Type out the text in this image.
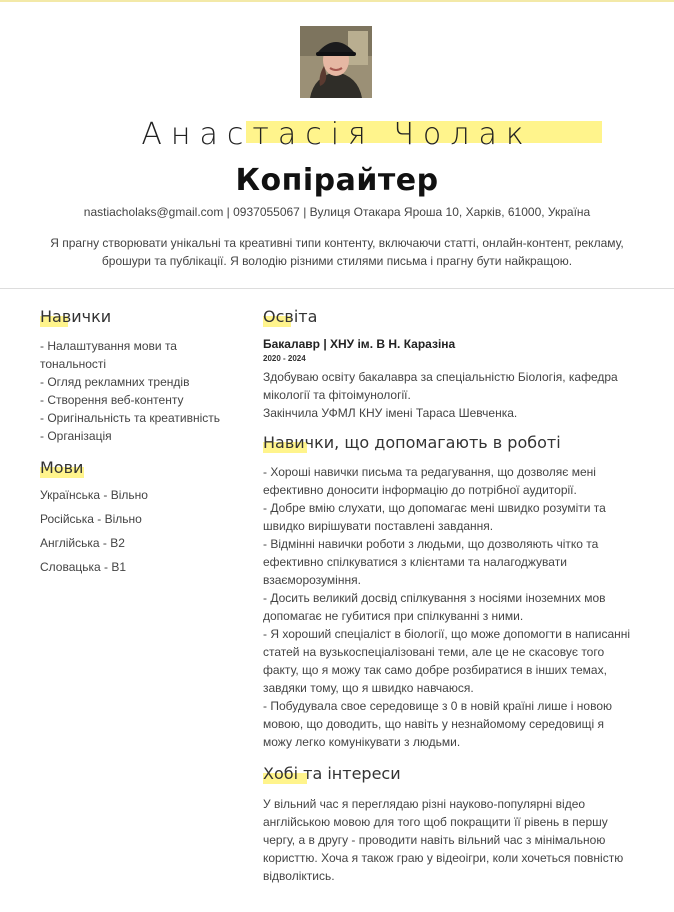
Анастасія Чолак
Копірайтер
nastiacholaks@gmail.com | 0937055067 | Вулиця Отакара Яроша 10, Харків, 61000, Україна

Я прагну створювати унікальні та креативні типи контенту, включаючи статті, онлайн-контент, рекламу, брошури та публікації. Я володію різними стилями письма і прагну бути найкращою.

Навички
- Налаштування мови та тональності
- Огляд рекламних трендів
- Створення веб-контенту
- Оригінальність та креативність
- Організація
Мови
Українська - Вільно
Російська - Вільно
Англійська - B2
Словацька - B1
Освіта
Бакалавр | ХНУ ім. В Н. Каразіна
2020 - 2024

Здобуваю освіту бакалавра за спеціальністю Біологія, кафедра мікології та фітоімунології.

Закінчила УФМЛ КНУ імені Тараса Шевченка.

Навички, що допомагають в роботі
- Хороші навички письма та редагування, що дозволяє мені ефективно доносити інформацію до потрібної аудиторії.
- Добре вмію слухати, що допомагає мені швидко розуміти та швидко вирішувати поставлені завдання.
- Відмінні навички роботи з людьми, що дозволяють чітко та ефективно спілкуватися з клієнтами та налагоджувати взаєморозуміння.
- Досить великий досвід спілкування з носіями іноземних мов допомагає не губитися при спілкуванні з ними.
- Я хороший спеціаліст в біології, що може допомогти в написанні статей на вузькоспеціалізовані теми, але це не скасовує того факту, що я можу так само добре розбиратися в інших темах, завдяки тому, що я швидко навчаюся.
- Побудувала свое середовище з 0 в новій країні лише і новою мовою, що доводить, що навіть у незнайомому середовищі я можу легко комунікувати з людьми.
Хобі та інтереси

У вільний час я переглядаю різні науково-популярні відео англійською мовою для того щоб покращити її рівень в першу чергу, а в другу - проводити навіть вільний час з мінімальною користтю. Хоча я також граю у відеоігри, коли хочеться повністю відволіктись.
